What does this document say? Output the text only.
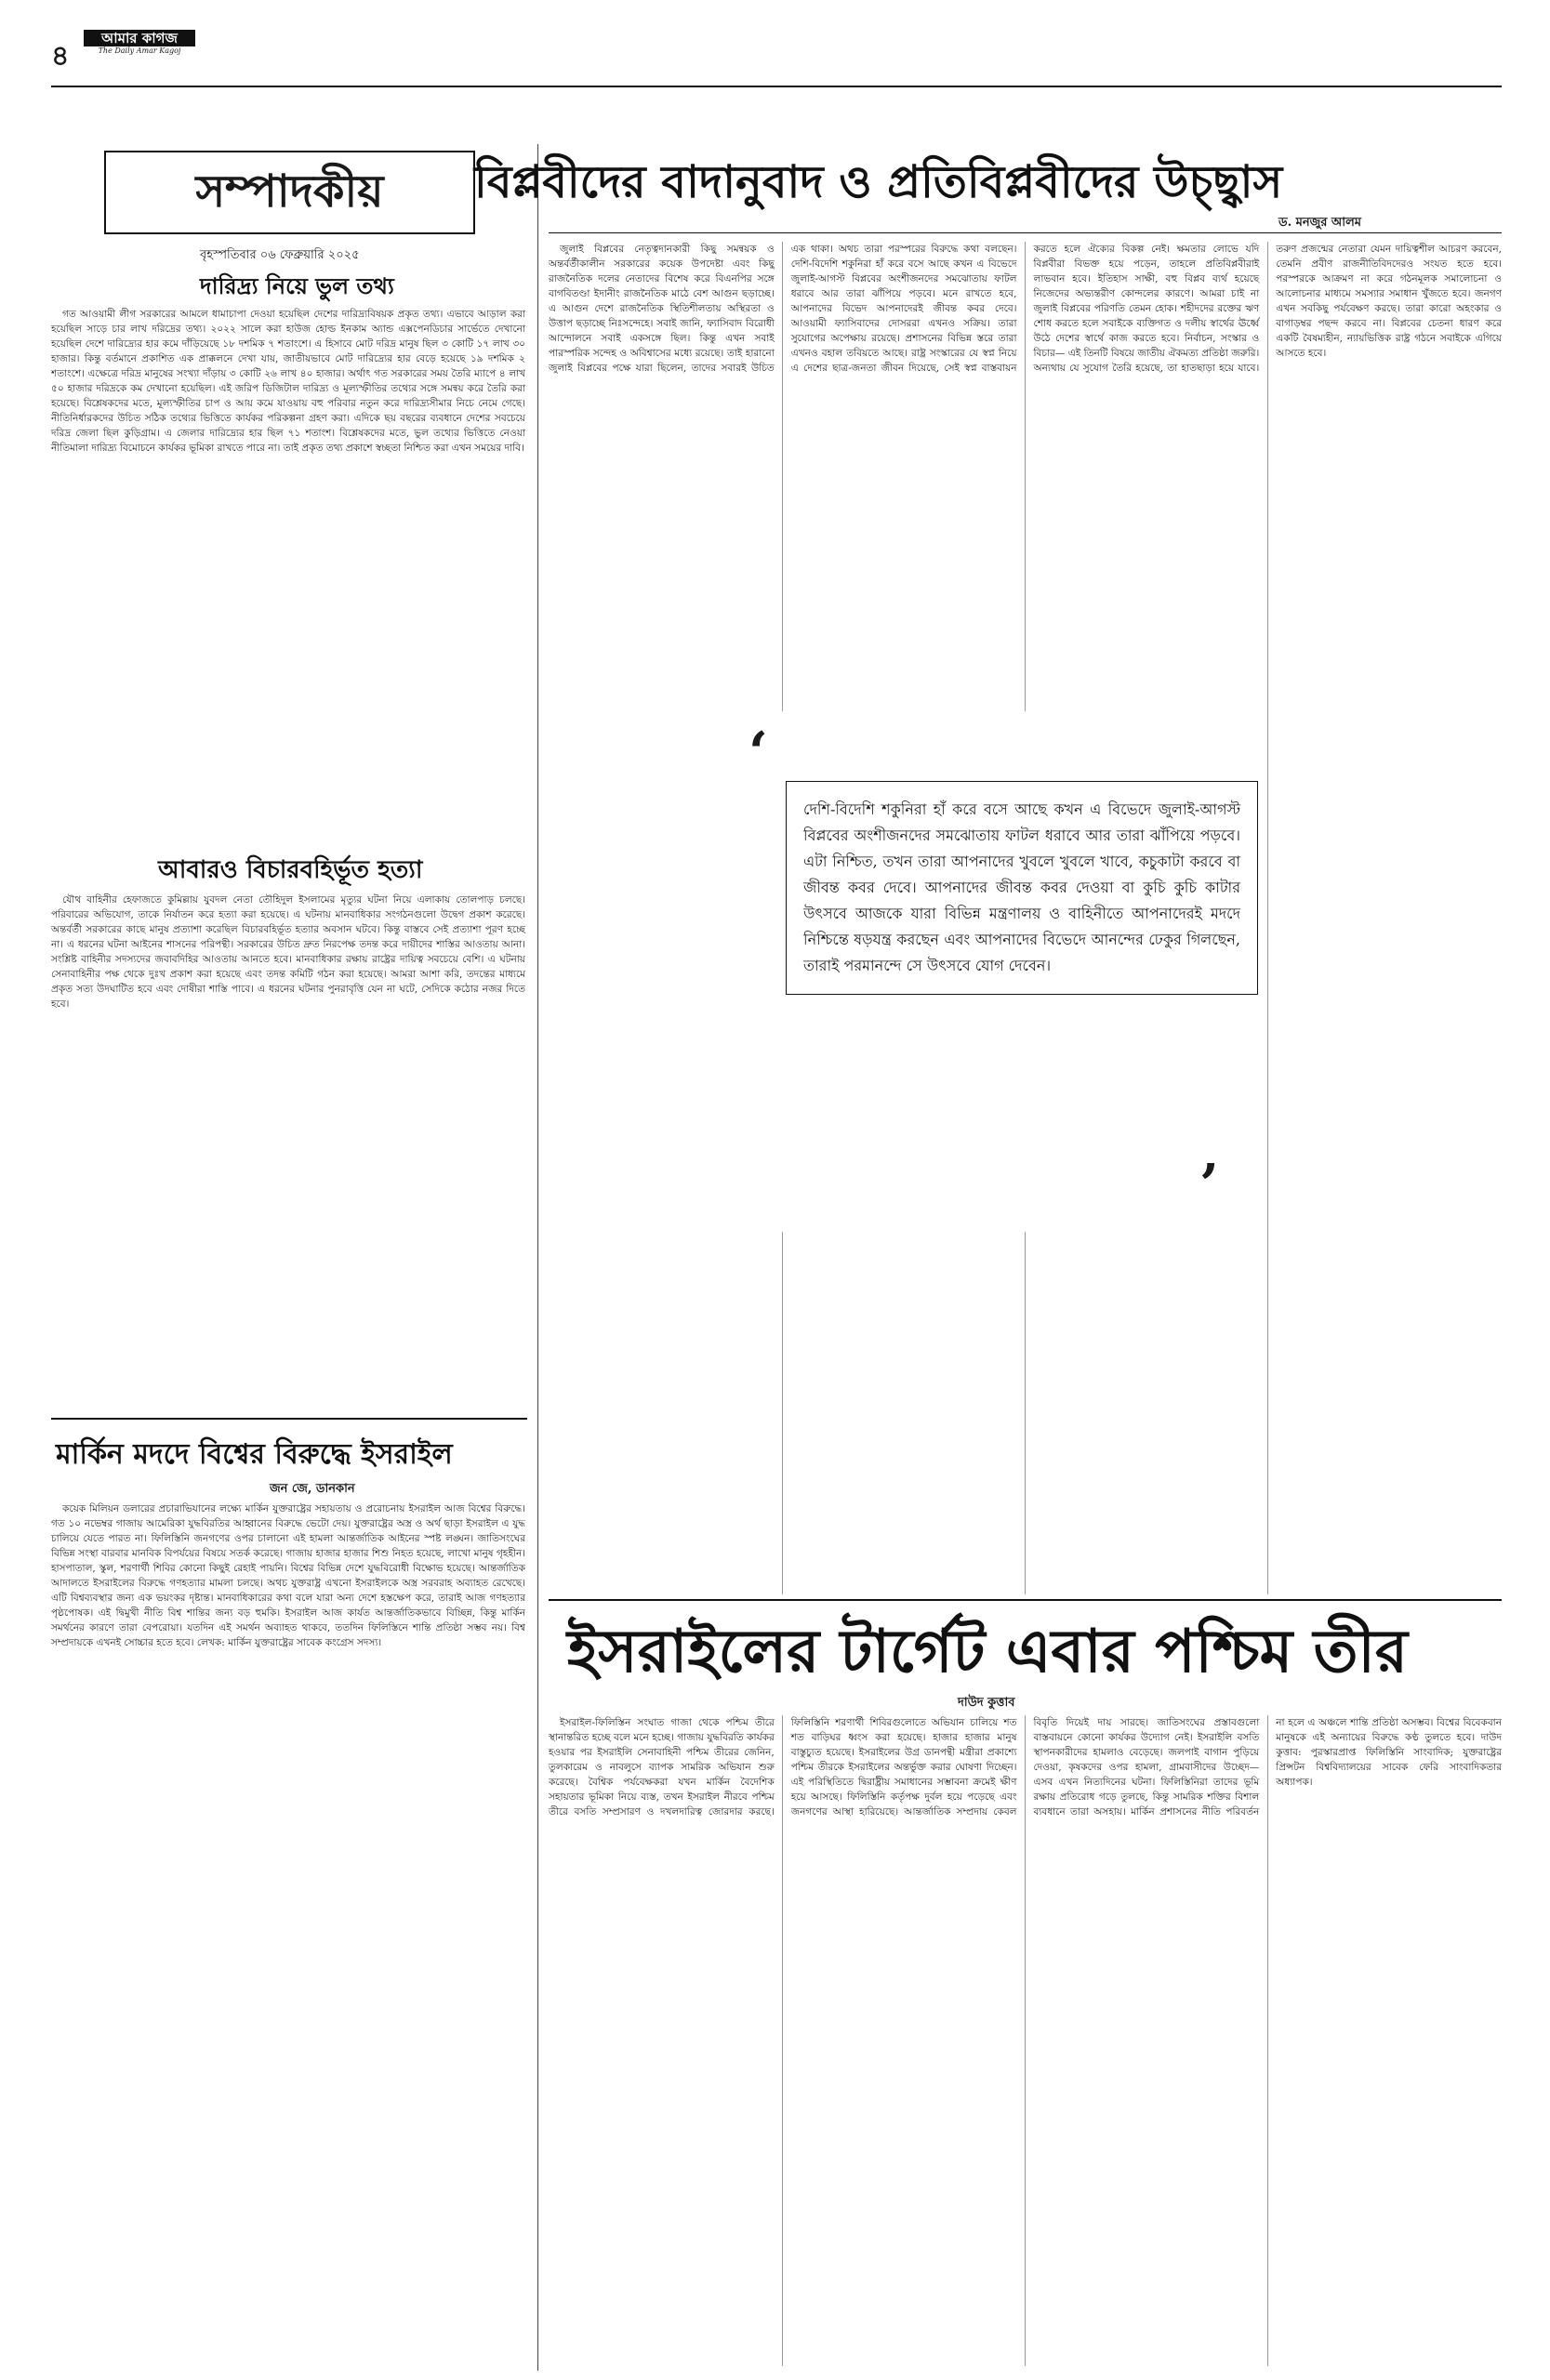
৪
আমার কাগজ
The Daily Amar Kagoj
সম্পাদকীয়
বৃহস্পতিবার ০৬ ফেব্রুয়ারি ২০২৫
দারিদ্র্য নিয়ে ভুল তথ্য

গত আওয়ামী লীগ সরকারের আমলে ধামাচাপা দেওয়া হয়েছিল দেশের দারিদ্র্যবিষয়ক প্রকৃত তথ্য। এভাবে আড়াল করা হয়েছিল সাড়ে চার লাখ দরিদ্রের তথ্য। ২০২২ সালে করা হাউজ হোল্ড ইনকাম অ্যান্ড এক্সপেনডিচার সার্ভেতে দেখানো হয়েছিল দেশে দারিদ্র্যের হার কমে দাঁড়িয়েছে ১৮ দশমিক ৭ শতাংশে। এ হিসাবে মোট দরিদ্র মানুষ ছিল ৩ কোটি ১৭ লাখ ৩০ হাজার। কিন্তু বর্তমানে প্রকাশিত এক প্রাক্কলনে দেখা যায়, জাতীয়ভাবে মোট দারিদ্র্যের হার বেড়ে হয়েছে ১৯ দশমিক ২ শতাংশে। এক্ষেত্রে দরিদ্র মানুষের সংখ্যা দাঁড়ায় ৩ কোটি ২৬ লাখ ৪০ হাজার। অর্থাৎ গত সরকারের সময় তৈরি ম্যাপে ৪ লাখ ৫০ হাজার দরিদ্রকে কম দেখানো হয়েছিল। এই জরিপ ডিজিটাল দারিদ্র্য ও মূল্যস্ফীতির তথ্যের সঙ্গে সমন্বয় করে তৈরি করা হয়েছে। বিশ্লেষকদের মতে, মূল্যস্ফীতির চাপ ও আয় কমে যাওয়ায় বহু পরিবার নতুন করে দারিদ্র্যসীমার নিচে নেমে গেছে। নীতিনির্ধারকদের উচিত সঠিক তথ্যের ভিত্তিতে কার্যকর পরিকল্পনা গ্রহণ করা। এদিকে ছয় বছরের ব্যবধানে দেশের সবচেয়ে দরিদ্র জেলা ছিল কুড়িগ্রাম। এ জেলার দারিদ্র্যের হার ছিল ৭১ শতাংশ। বিশ্লেষকদের মতে, ভুল তথ্যের ভিত্তিতে নেওয়া নীতিমালা দারিদ্র্য বিমোচনে কার্যকর ভূমিকা রাখতে পারে না। তাই প্রকৃত তথ্য প্রকাশে স্বচ্ছতা নিশ্চিত করা এখন সময়ের দাবি।

আবারও বিচারবহির্ভূত হত্যা

যৌথ বাহিনীর হেফাজতে কুমিল্লায় যুবদল নেতা তৌহিদুল ইসলামের মৃত্যুর ঘটনা নিয়ে এলাকায় তোলপাড় চলছে। পরিবারের অভিযোগ, তাকে নির্যাতন করে হত্যা করা হয়েছে। এ ঘটনায় মানবাধিকার সংগঠনগুলো উদ্বেগ প্রকাশ করেছে। অন্তর্বর্তী সরকারের কাছে মানুষ প্রত্যাশা করেছিল বিচারবহির্ভূত হত্যার অবসান ঘটবে। কিন্তু বাস্তবে সেই প্রত্যাশা পূরণ হচ্ছে না। এ ধরনের ঘটনা আইনের শাসনের পরিপন্থী। সরকারের উচিত দ্রুত নিরপেক্ষ তদন্ত করে দায়ীদের শাস্তির আওতায় আনা। সংশ্লিষ্ট বাহিনীর সদস্যদের জবাবদিহির আওতায় আনতে হবে। মানবাধিকার রক্ষায় রাষ্ট্রের দায়িত্ব সবচেয়ে বেশি। এ ঘটনায় সেনাবাহিনীর পক্ষ থেকে দুঃখ প্রকাশ করা হয়েছে এবং তদন্ত কমিটি গঠন করা হয়েছে। আমরা আশা করি, তদন্তের মাধ্যমে প্রকৃত সত্য উদঘাটিত হবে এবং দোষীরা শাস্তি পাবে। এ ধরনের ঘটনার পুনরাবৃত্তি যেন না ঘটে, সেদিকে কঠোর নজর দিতে হবে।

মার্কিন মদদে বিশ্বের বিরুদ্ধে ইসরাইল
জন জে, ডানকান

কয়েক মিলিয়ন ডলারের প্রচারাভিযানের লক্ষ্যে মার্কিন যুক্তরাষ্ট্রের সহায়তায় ও প্ররোচনায় ইসরাইল আজ বিশ্বের বিরুদ্ধে। গত ১০ নভেম্বর গাজায় আমেরিকা যুদ্ধবিরতির আহ্বানের বিরুদ্ধে ভেটো দেয়। যুক্তরাষ্ট্রের অস্ত্র ও অর্থ ছাড়া ইসরাইল এ যুদ্ধ চালিয়ে যেতে পারত না। ফিলিস্তিনি জনগণের ওপর চালানো এই হামলা আন্তর্জাতিক আইনের স্পষ্ট লঙ্ঘন। জাতিসংঘের বিভিন্ন সংস্থা বারবার মানবিক বিপর্যয়ের বিষয়ে সতর্ক করেছে। গাজায় হাজার হাজার শিশু নিহত হয়েছে, লাখো মানুষ গৃহহীন। হাসপাতাল, স্কুল, শরণার্থী শিবির কোনো কিছুই রেহাই পায়নি। বিশ্বের বিভিন্ন দেশে যুদ্ধবিরোধী বিক্ষোভ হয়েছে। আন্তর্জাতিক আদালতে ইসরাইলের বিরুদ্ধে গণহত্যার মামলা চলছে। অথচ যুক্তরাষ্ট্র এখনো ইসরাইলকে অস্ত্র সরবরাহ অব্যাহত রেখেছে। এটি বিশ্বব্যবস্থার জন্য এক ভয়ংকর দৃষ্টান্ত। মানবাধিকারের কথা বলে যারা অন্য দেশে হস্তক্ষেপ করে, তারাই আজ গণহত্যার পৃষ্ঠপোষক। এই দ্বিমুখী নীতি বিশ্ব শান্তির জন্য বড় হুমকি। ইসরাইল আজ কার্যত আন্তর্জাতিকভাবে বিচ্ছিন্ন, কিন্তু মার্কিন সমর্থনের কারণে তারা বেপরোয়া। যতদিন এই সমর্থন অব্যাহত থাকবে, ততদিন ফিলিস্তিনে শান্তি প্রতিষ্ঠা সম্ভব নয়। বিশ্ব সম্প্রদায়কে এখনই সোচ্চার হতে হবে। লেখক: মার্কিন যুক্তরাষ্ট্রের সাবেক কংগ্রেস সদস্য।

বিপ্লবীদের বাদানুবাদ ও প্রতিবিপ্লবীদের উচ্ছ্বাস
ড. মনজুর আলম

জুলাই বিপ্লবের নেতৃত্বদানকারী কিছু সমন্বয়ক ও অন্তর্বর্তীকালীন সরকারের কয়েক উপদেষ্টা এবং কিছু রাজনৈতিক দলের নেতাদের বিশেষ করে বিএনপির সঙ্গে বাগবিতণ্ডা ইদানীং রাজনৈতিক মাঠে বেশ আগুন ছড়াচ্ছে। এ আগুন দেশে রাজনৈতিক স্থিতিশীলতায় অস্থিরতা ও উত্তাপ ছড়াচ্ছে নিঃসন্দেহে। সবাই জানি, ফ্যাসিবাদ বিরোধী আন্দোলনে সবাই একসঙ্গে ছিল। কিন্তু এখন সবাই পারস্পরিক সন্দেহ ও অবিশ্বাসের মধ্যে রয়েছে। তাই হারানো জুলাই বিপ্লবের পক্ষে যারা ছিলেন, তাদের সবারই উচিত এক থাকা। অথচ তারা পরস্পরের বিরুদ্ধে কথা বলছেন। দেশি-বিদেশি শকুনিরা হাঁ করে বসে আছে কখন এ বিভেদে জুলাই-আগস্ট বিপ্লবের অংশীজনদের সমঝোতায় ফাটল ধরাবে আর তারা ঝাঁপিয়ে পড়বে। মনে রাখতে হবে, আপনাদের বিভেদ আপনাদেরই জীবন্ত কবর দেবে। আওয়ামী ফ্যাসিবাদের দোসররা এখনও সক্রিয়। তারা সুযোগের অপেক্ষায় রয়েছে। প্রশাসনের বিভিন্ন স্তরে তারা এখনও বহাল তবিয়তে আছে। রাষ্ট্র সংস্কারের যে স্বপ্ন নিয়ে এ দেশের ছাত্র-জনতা জীবন দিয়েছে, সেই স্বপ্ন বাস্তবায়ন করতে হলে ঐক্যের বিকল্প নেই। ক্ষমতার লোভে যদি বিপ্লবীরা বিভক্ত হয়ে পড়েন, তাহলে প্রতিবিপ্লবীরাই লাভবান হবে। ইতিহাস সাক্ষী, বহু বিপ্লব ব্যর্থ হয়েছে নিজেদের অভ্যন্তরীণ কোন্দলের কারণে। আমরা চাই না জুলাই বিপ্লবের পরিণতি তেমন হোক। শহীদদের রক্তের ঋণ শোধ করতে হলে সবাইকে ব্যক্তিগত ও দলীয় স্বার্থের ঊর্ধ্বে উঠে দেশের স্বার্থে কাজ করতে হবে। নির্বাচন, সংস্কার ও বিচার— এই তিনটি বিষয়ে জাতীয় ঐকমত্য প্রতিষ্ঠা জরুরি। অন্যথায় যে সুযোগ তৈরি হয়েছে, তা হাতছাড়া হয়ে যাবে। তরুণ প্রজন্মের নেতারা যেমন দায়িত্বশীল আচরণ করবেন, তেমনি প্রবীণ রাজনীতিবিদদেরও সংযত হতে হবে। পরস্পরকে আক্রমণ না করে গঠনমূলক সমালোচনা ও আলোচনার মাধ্যমে সমস্যার সমাধান খুঁজতে হবে। জনগণ এখন সবকিছু পর্যবেক্ষণ করছে। তারা কারো অহংকার ও বাগাড়ম্বর পছন্দ করবে না। বিপ্লবের চেতনা ধারণ করে একটি বৈষম্যহীন, ন্যায়ভিত্তিক রাষ্ট্র গঠনে সবাইকে এগিয়ে আসতে হবে।

‘
দেশি-বিদেশি শকুনিরা হাঁ করে বসে আছে কখন এ বিভেদে জুলাই-আগস্ট বিপ্লবের অংশীজনদের সমঝোতায় ফাটল ধরাবে আর তারা ঝাঁপিয়ে পড়বে। এটা নিশ্চিত, তখন তারা আপনাদের খুবলে খুবলে খাবে, কচুকাটা করবে বা জীবন্ত কবর দেবে। আপনাদের জীবন্ত কবর দেওয়া বা কুচি কুচি কাটার উৎসবে আজকে যারা বিভিন্ন মন্ত্রণালয় ও বাহিনীতে আপনাদেরই মদদে নিশ্চিন্তে ষড়যন্ত্র করছেন এবং আপনাদের বিভেদে আনন্দের ঢেকুর গিলছেন, তারাই পরমানন্দে সে উৎসবে যোগ দেবেন।
’
ইসরাইলের টার্গেট এবার পশ্চিম তীর
দাউদ কুত্তাব

ইসরাইল-ফিলিস্তিন সংঘাত গাজা থেকে পশ্চিম তীরে স্থানান্তরিত হচ্ছে বলে মনে হচ্ছে। গাজায় যুদ্ধবিরতি কার্যকর হওয়ার পর ইসরাইলি সেনাবাহিনী পশ্চিম তীরের জেনিন, তুলকারেম ও নাবলুসে ব্যাপক সামরিক অভিযান শুরু করেছে। বৈশ্বিক পর্যবেক্ষকরা যখন মার্কিন বৈদেশিক সহায়তার ভূমিকা নিয়ে ব্যস্ত, তখন ইসরাইল নীরবে পশ্চিম তীরে বসতি সম্প্রসারণ ও দখলদারিত্ব জোরদার করছে। ফিলিস্তিনি শরণার্থী শিবিরগুলোতে অভিযান চালিয়ে শত শত বাড়িঘর ধ্বংস করা হয়েছে। হাজার হাজার মানুষ বাস্তুচ্যুত হয়েছে। ইসরাইলের উগ্র ডানপন্থী মন্ত্রীরা প্রকাশ্যে পশ্চিম তীরকে ইসরাইলের অন্তর্ভুক্ত করার ঘোষণা দিচ্ছেন। এই পরিস্থিতিতে দ্বিরাষ্ট্রীয় সমাধানের সম্ভাবনা ক্রমেই ক্ষীণ হয়ে আসছে। ফিলিস্তিনি কর্তৃপক্ষ দুর্বল হয়ে পড়েছে এবং জনগণের আস্থা হারিয়েছে। আন্তর্জাতিক সম্প্রদায় কেবল বিবৃতি দিয়েই দায় সারছে। জাতিসংঘের প্রস্তাবগুলো বাস্তবায়নে কোনো কার্যকর উদ্যোগ নেই। ইসরাইলি বসতি স্থাপনকারীদের হামলাও বেড়েছে। জলপাই বাগান পুড়িয়ে দেওয়া, কৃষকদের ওপর হামলা, গ্রামবাসীদের উচ্ছেদ— এসব এখন নিত্যদিনের ঘটনা। ফিলিস্তিনিরা তাদের ভূমি রক্ষায় প্রতিরোধ গড়ে তুলছে, কিন্তু সামরিক শক্তির বিশাল ব্যবধানে তারা অসহায়। মার্কিন প্রশাসনের নীতি পরিবর্তন না হলে এ অঞ্চলে শান্তি প্রতিষ্ঠা অসম্ভব। বিশ্বের বিবেকবান মানুষকে এই অন্যায়ের বিরুদ্ধে কণ্ঠ তুলতে হবে। দাউদ কুত্তাব: পুরস্কারপ্রাপ্ত ফিলিস্তিনি সাংবাদিক; যুক্তরাষ্ট্রের প্রিন্সটন বিশ্ববিদ্যালয়ের সাবেক ফেরি সাংবাদিকতার অধ্যাপক।
